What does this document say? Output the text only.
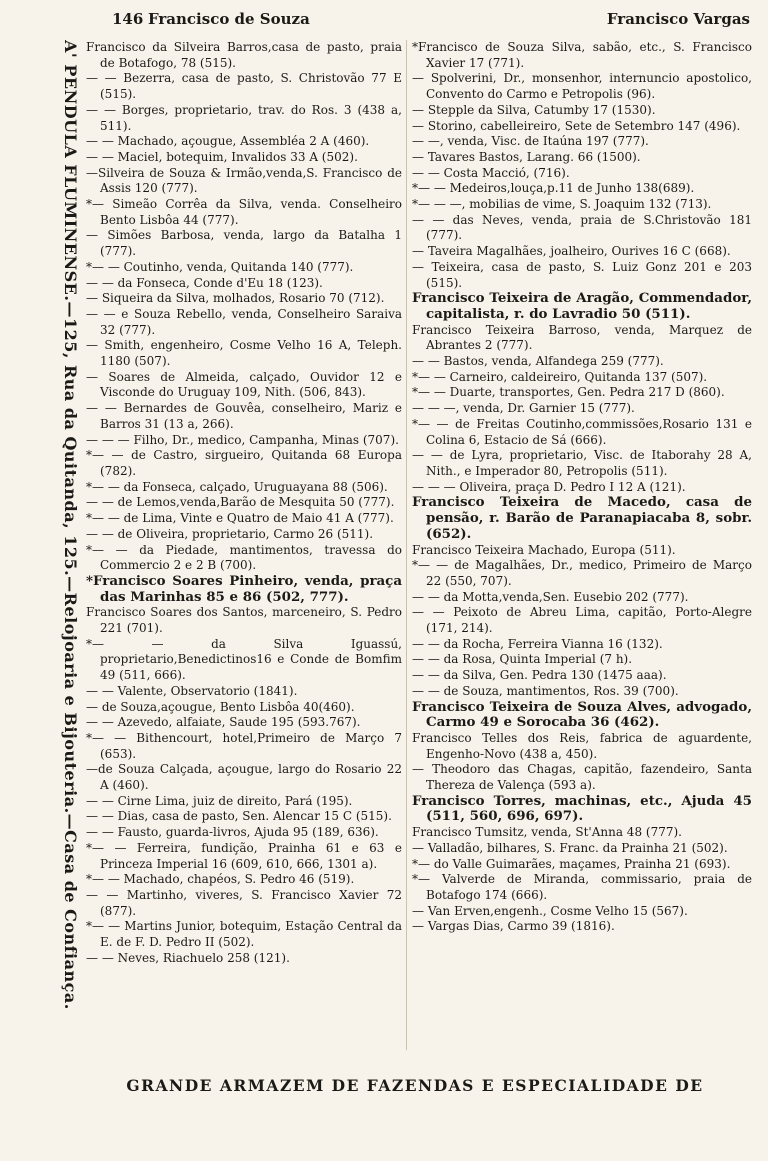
146 Francisco de Souza	Francisco Vargas
A' PENDULA FLUMINENSE.—125, Rua da Quitanda, 125.—Relojoaria e Bijouteria.—Casa de Confiança. Francisco da Silveira Barros,casa de pasto, praia de Botafogo, 78 (515).

— — Bezerra, casa de pasto, S. Christovão 77 E (515).

— — Borges, proprietario, trav. do Ros. 3 (438 a, 511).

— — Machado, açougue, Assembléa 2 A (460).

— — Maciel, botequim, Invalidos 33 A (502).

—Silveira de Souza & Irmão,venda,S. Francisco de Assis 120 (777).

*— Simeão Corrêa da Silva, venda. Conselheiro Bento Lisbôa 44 (777).

— Simões Barbosa, venda, largo da Batalha 1 (777).

*— — Coutinho, venda, Quitanda 140 (777).

— — da Fonseca, Conde d'Eu 18 (123).

— Siqueira da Silva, molhados, Rosario 70 (712).

— — e Souza Rebello, venda, Conselheiro Saraiva 32 (777).

— Smith, engenheiro, Cosme Velho 16 A, Teleph. 1180 (507).

— Soares de Almeida, calçado, Ouvidor 12 e Visconde do Uruguay 109, Nith. (506, 843).

— — Bernardes de Gouvêa, conselheiro, Mariz e Barros 31 (13 a, 266).

— — — Filho, Dr., medico, Campanha, Minas (707).

*— — de Castro, sirgueiro, Quitanda 68 Europa (782).

*— — da Fonseca, calçado, Uruguayana 88 (506).

— — de Lemos,venda,Barão de Mesquita 50 (777).

*— — de Lima, Vinte e Quatro de Maio 41 A (777).

— — de Oliveira, proprietario, Carmo 26 (511).

*— — da Piedade, mantimentos, travessa do Commercio 2 e 2 B (700).

*Francisco Soares Pinheiro, venda, praça das Marinhas 85 e 86 (502, 777).

Francisco Soares dos Santos, marceneiro, S. Pedro 221 (701).

*— — da Silva Iguassú, proprietario,Benedictinos16 e Conde de Bomfim 49 (511, 666).

— — Valente, Observatorio (1841).

— de Souza,açougue, Bento Lisbôa 40(460).

— — Azevedo, alfaiate, Saude 195 (593.767).

*— — Bithencourt, hotel,Primeiro de Março 7 (653).

—de Souza Calçada, açougue, largo do Rosario 22 A (460).

— — Cirne Lima, juiz de direito, Pará (195).

— — Dias, casa de pasto, Sen. Alencar 15 C (515).

— — Fausto, guarda-livros, Ajuda 95 (189, 636).

*— — Ferreira, fundição, Prainha 61 e 63 e Princeza Imperial 16 (609, 610, 666, 1301 a).

*— — Machado, chapéos, S. Pedro 46 (519).

— — Martinho, viveres, S. Francisco Xavier 72 (877).

*— — Martins Junior, botequim, Estação Central da E. de F. D. Pedro II (502).

— — Neves, Riachuelo 258 (121).

*Francisco de Souza Silva, sabão, etc., S. Francisco Xavier 17 (771).

— Spolverini, Dr., monsenhor, internuncio apostolico, Convento do Carmo e Petropolis (96).

— Stepple da Silva, Catumby 17 (1530).

— Storino, cabelleireiro, Sete de Setembro 147 (496).

— —, venda, Visc. de Itaúna 197 (777).

— Tavares Bastos, Larang. 66 (1500).

— — Costa Macció, (716).

*— — Medeiros,louça,p.11 de Junho 138(689).

*— — —, mobilias de vime, S. Joaquim 132 (713).

— — das Neves, venda, praia de S.Christovão 181 (777).

— Taveira Magalhães, joalheiro, Ourives 16 C (668).

— Teixeira, casa de pasto, S. Luiz Gonz 201 e 203 (515).

Francisco Teixeira de Aragão, Commendador, capitalista, r. do Lavradio 50 (511).

Francisco Teixeira Barroso, venda, Marquez de Abrantes 2 (777).

— — Bastos, venda, Alfandega 259 (777).

*— — Carneiro, caldeireiro, Quitanda 137 (507).

*— — Duarte, transportes, Gen. Pedra 217 D (860).

— — —, venda, Dr. Garnier 15 (777).

*— — de Freitas Coutinho,commissões,Rosario 131 e Colina 6, Estacio de Sá (666).

— — de Lyra, proprietario, Visc. de Itaborahy 28 A, Nith., e Imperador 80, Petropolis (511).

— — — Oliveira, praça D. Pedro I 12 A (121).

Francisco Teixeira de Macedo, casa de pensão, r. Barão de Paranapiacaba 8, sobr. (652).

Francisco Teixeira Machado, Europa (511).

*— — de Magalhães, Dr., medico, Primeiro de Março 22 (550, 707).

— — da Motta,venda,Sen. Eusebio 202 (777).

— — Peixoto de Abreu Lima, capitão, Porto-Alegre (171, 214).

— — da Rocha, Ferreira Vianna 16 (132).

— — da Rosa, Quinta Imperial (7 h).

— — da Silva, Gen. Pedra 130 (1475 aaa).

— — de Souza, mantimentos, Ros. 39 (700).

Francisco Teixeira de Souza Alves, advogado, Carmo 49 e Sorocaba 36 (462).

Francisco Telles dos Reis, fabrica de aguardente, Engenho-Novo (438 a, 450).

— Theodoro das Chagas, capitão, fazendeiro, Santa Thereza de Valença (593 a).

Francisco Torres, machinas, etc., Ajuda 45 (511, 560, 696, 697).

Francisco Tumsitz, venda, St'Anna 48 (777).

— Valladão, bilhares, S. Franc. da Prainha 21 (502).

*— do Valle Guimarães, maçames, Prainha 21 (693).

*— Valverde de Miranda, commissario, praia de Botafogo 174 (666).

— Van Erven,engenh., Cosme Velho 15 (567).

— Vargas Dias, Carmo 39 (1816).

GRANDE ARMAZEM DE FAZENDAS E ESPECIALIDADE DE
